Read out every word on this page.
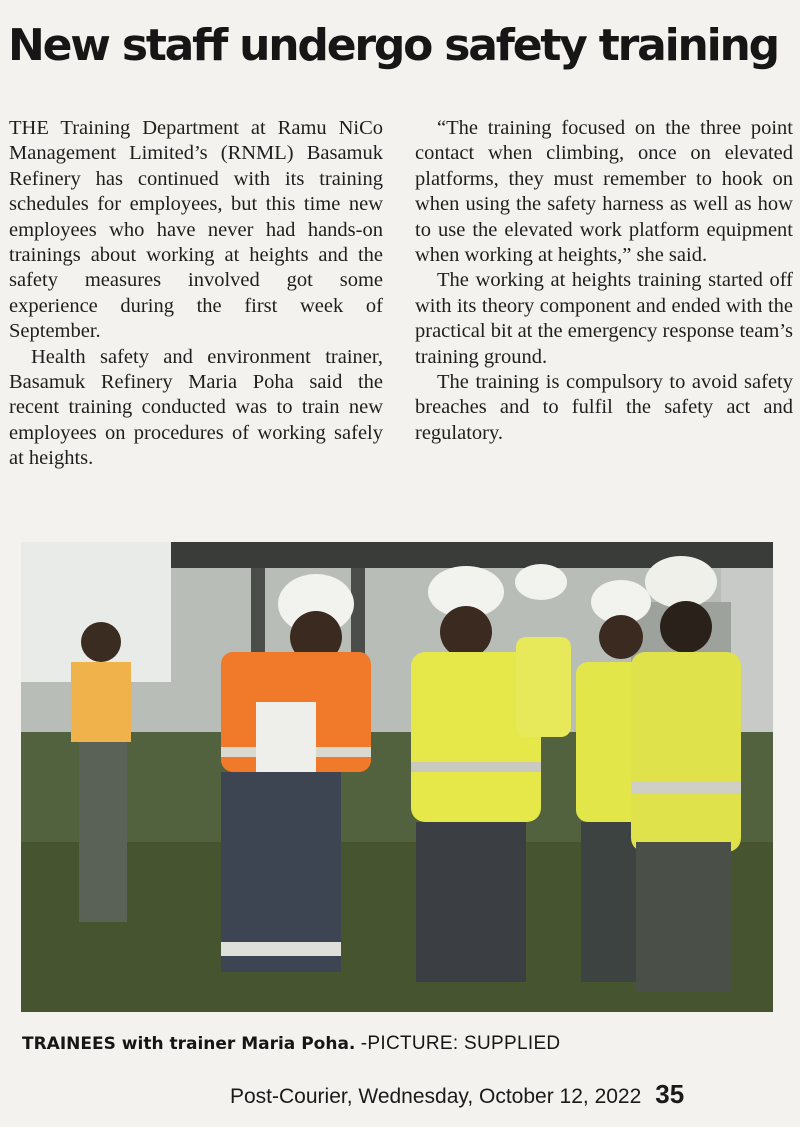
New staff undergo safety training

THE Training Department at Ramu NiCo Management Limited’s (RNML) Basamuk Refinery has continued with its training schedules for employees, but this time new employees who have never had hands-on trainings about working at heights and the safety measures involved got some experience during the first week of September.

Health safety and environment trainer, Basamuk Refinery Maria Poha said the recent training conducted was to train new employees on procedures of working safely at heights.

“The training focused on the three point contact when climbing, once on elevated platforms, they must remember to hook on when using the safety harness as well as how to use the elevated work platform equipment when working at heights,” she said.

The working at heights training started off with its theory component and ended with the practical bit at the emergency response team’s training ground.

The training is compulsory to avoid safety breaches and to fulfil the safety act and regulatory.

TRAINEES with trainer Maria Poha. -PICTURE: SUPPLIED
Post-Courier, Wednesday, October 12, 2022 35
